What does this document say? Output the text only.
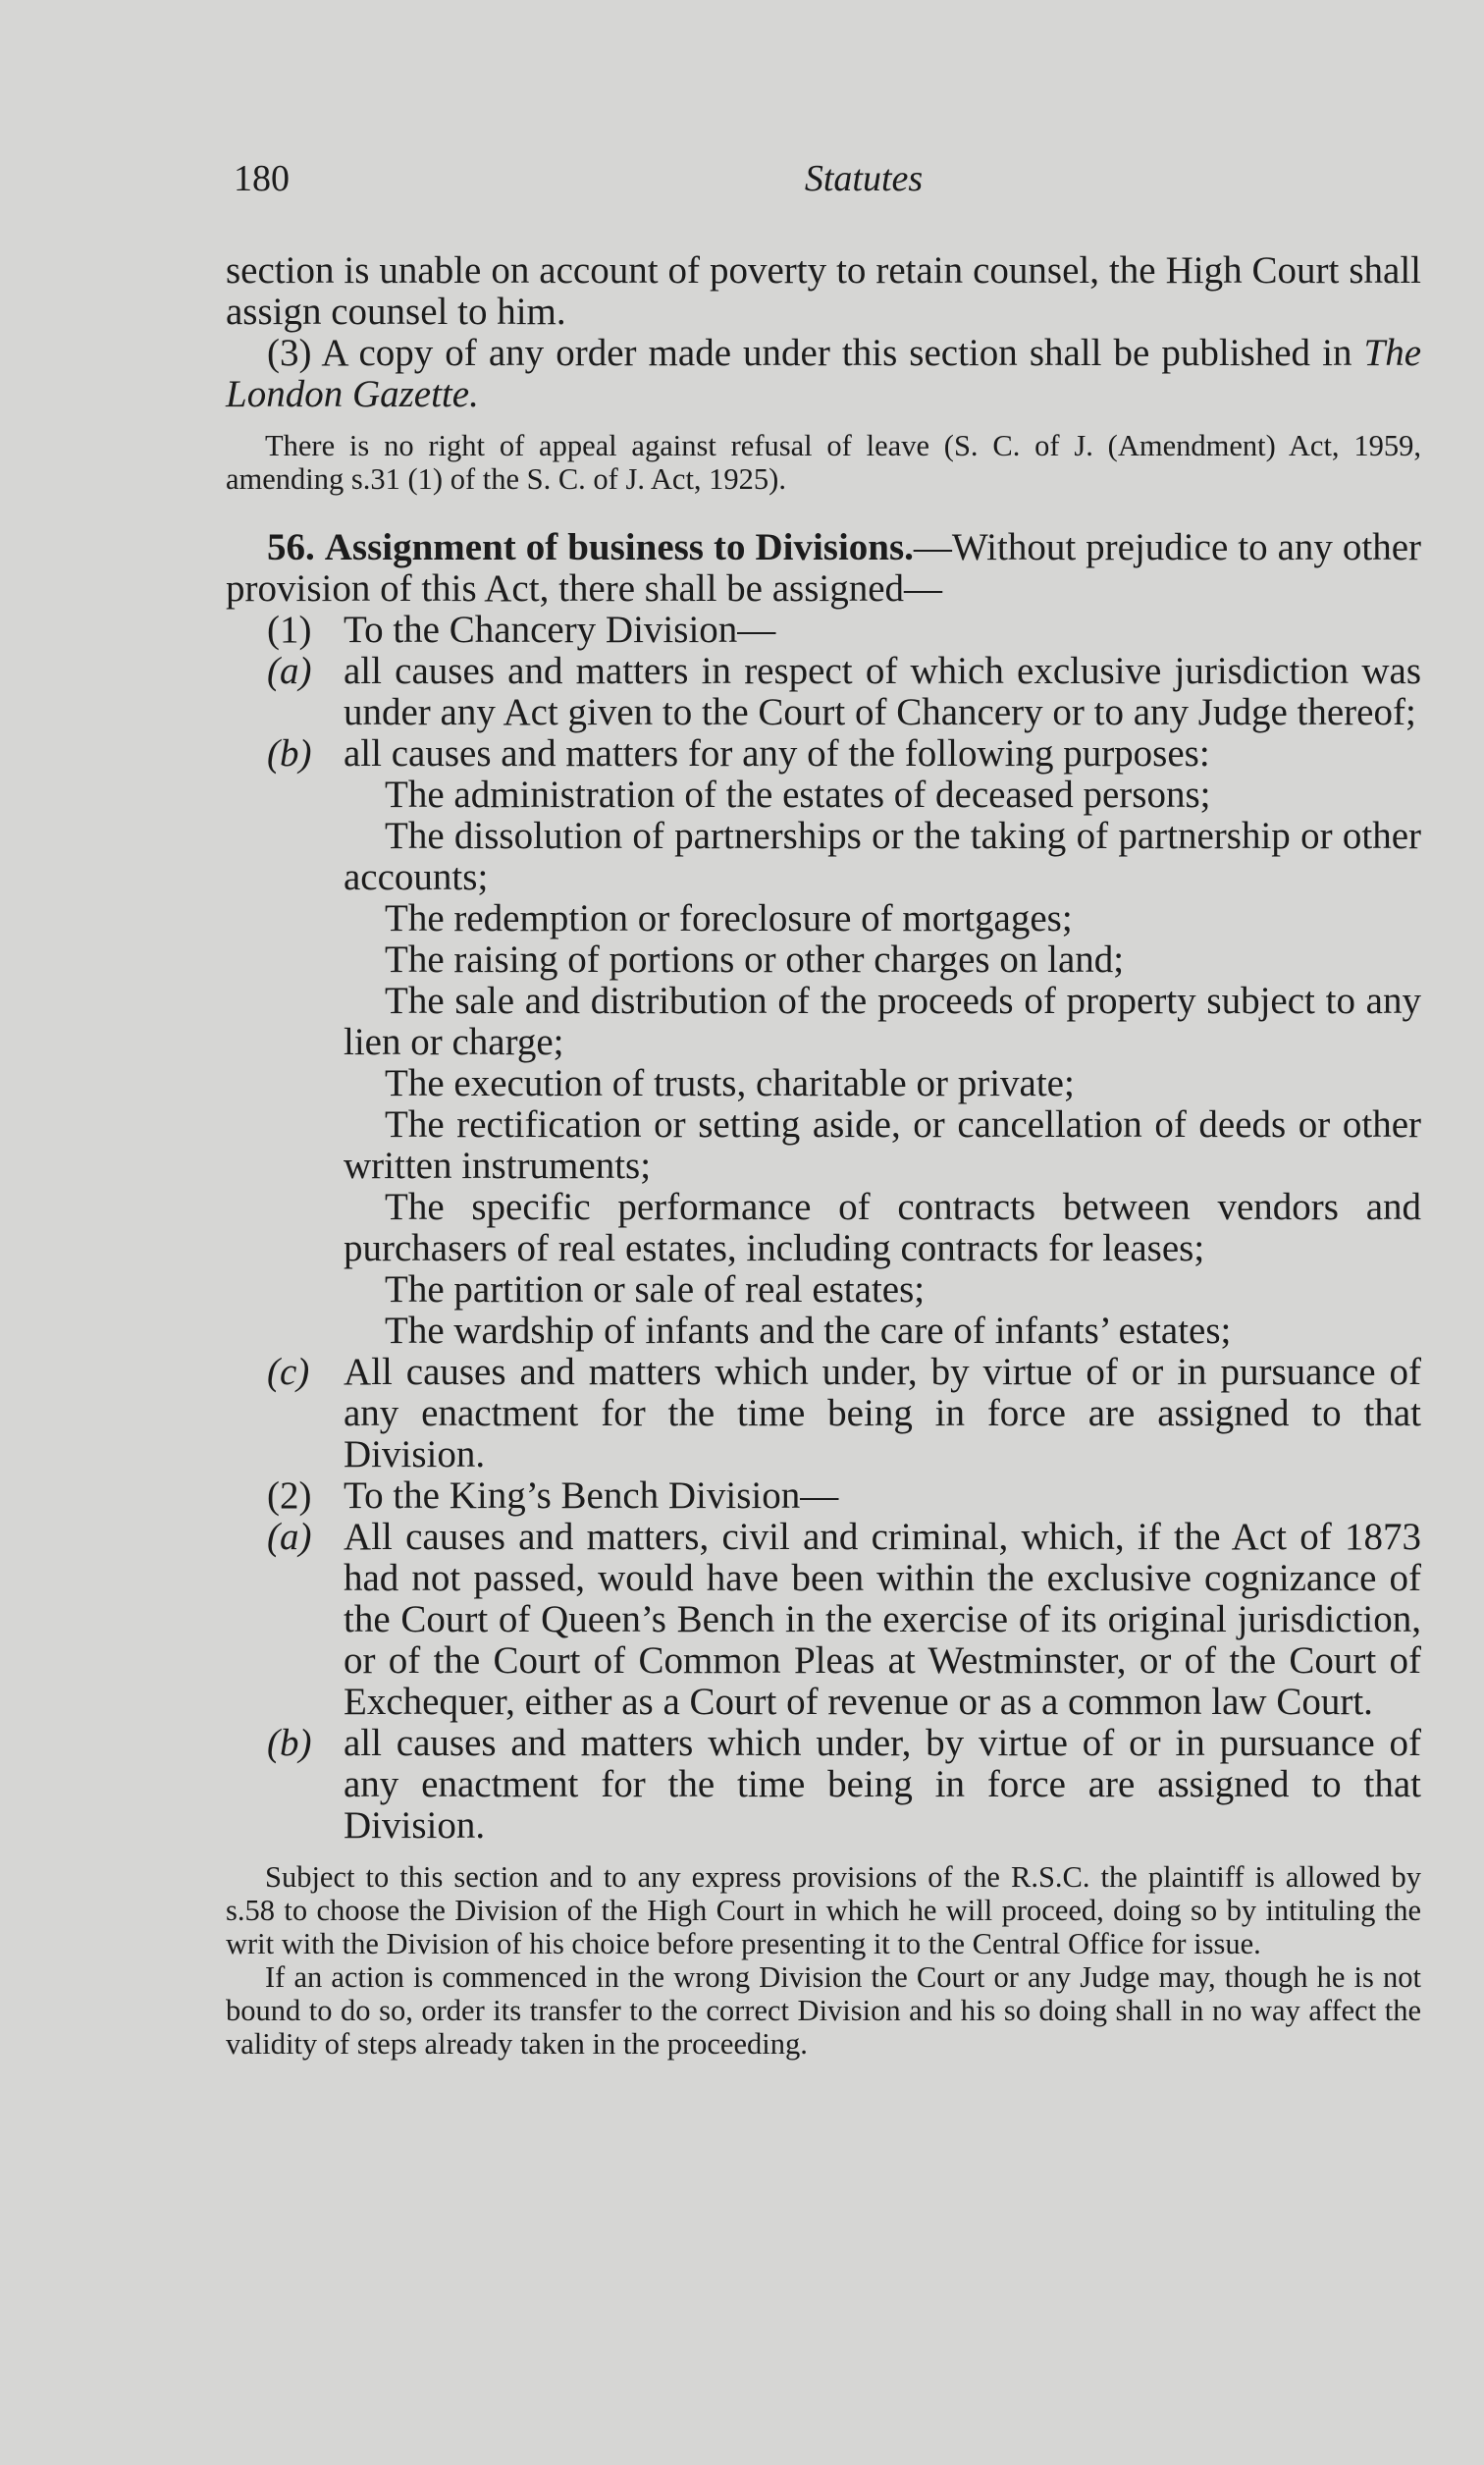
180	Statutes

section is unable on account of poverty to retain counsel, the High Court shall assign counsel to him.

(3) A copy of any order made under this section shall be published in The London Gazette.

There is no right of appeal against refusal of leave (S. C. of J. (Amendment) Act, 1959, amending s.31 (1) of the S. C. of J. Act, 1925).

56. Assignment of business to Divisions.—Without prejudice to any other provision of this Act, there shall be assigned—

(1) To the Chancery Division—
(a) all causes and matters in respect of which exclusive jurisdiction was under any Act given to the Court of Chancery or to any Judge thereof;
(b) all causes and matters for any of the following purposes:

The administration of the estates of deceased persons;

The dissolution of partnerships or the taking of partnership or other accounts;

The redemption or foreclosure of mortgages;

The raising of portions or other charges on land;

The sale and distribution of the proceeds of property subject to any lien or charge;

The execution of trusts, charitable or private;

The rectification or setting aside, or cancellation of deeds or other written instruments;

The specific performance of contracts between vendors and purchasers of real estates, including contracts for leases;

The partition or sale of real estates;

The wardship of infants and the care of infants’ estates;

(c) All causes and matters which under, by virtue of or in pursuance of any enactment for the time being in force are assigned to that Division.
(2) To the King’s Bench Division—
(a) All causes and matters, civil and criminal, which, if the Act of 1873 had not passed, would have been within the exclusive cognizance of the Court of Queen’s Bench in the exercise of its original jurisdiction, or of the Court of Common Pleas at Westminster, or of the Court of Exchequer, either as a Court of revenue or as a common law Court.
(b) all causes and matters which under, by virtue of or in pursuance of any enactment for the time being in force are assigned to that Division.

Subject to this section and to any express provisions of the R.S.C. the plaintiff is allowed by s.58 to choose the Division of the High Court in which he will proceed, doing so by intituling the writ with the Division of his choice before presenting it to the Central Office for issue.

If an action is commenced in the wrong Division the Court or any Judge may, though he is not bound to do so, order its transfer to the correct Division and his so doing shall in no way affect the validity of steps already taken in the proceeding.
